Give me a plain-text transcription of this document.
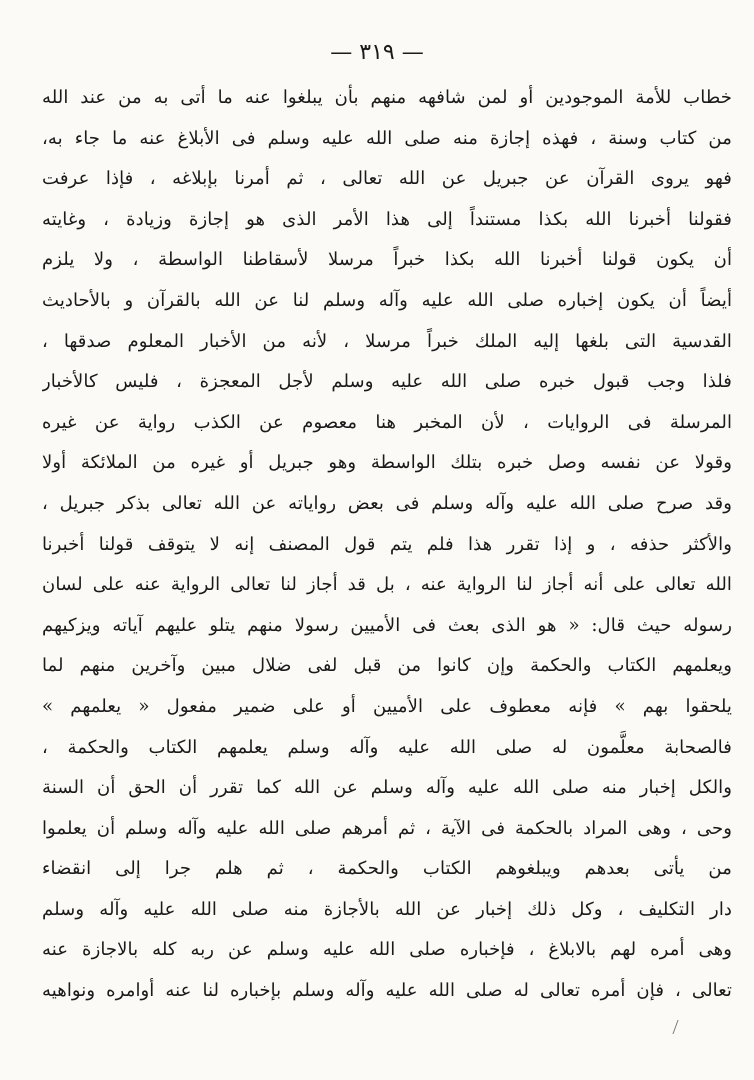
— ٣١٩ —
خطاب للأمة الموجودين أو لمن شافهه منهم بأن يبلغوا عنه ما أتى به من عند الله
من كتاب وسنة ، فهذه إجازة منه صلى الله عليه وسلم فى الأبلاغ عنه ما جاء به،
فهو يروى القرآن عن جبريل عن الله تعالى ، ثم أمرنا بإبلاغه ، فإذا عرفت
فقولنا أخبرنا الله بكذا مستنداً إلى هذا الأمر الذى هو إجازة وزيادة ، وغايته
أن يكون قولنا أخبرنا الله بكذا خبراً مرسلا لأسقاطنا الواسطة ، ولا يلزم
أيضاً أن يكون إخباره صلى الله عليه وآله وسلم لنا عن الله بالقرآن و بالأحاديث
القدسية التى بلغها إليه الملك خبراً مرسلا ، لأنه من الأخبار المعلوم صدقها ،
فلذا وجب قبول خبره صلى الله عليه وسلم لأجل المعجزة ، فليس كالأخبار
المرسلة فى الروايات ، لأن المخبر هنا معصوم عن الكذب رواية عن غيره
وقولا عن نفسه وصل خبره بتلك الواسطة وهو جبريل أو غيره من الملائكة أولا
وقد صرح صلى الله عليه وآله وسلم فى بعض رواياته عن الله تعالى بذكر جبريل ،
والأكثر حذفه ، و إذا تقرر هذا فلم يتم قول المصنف إنه لا يتوقف قولنا أخبرنا
الله تعالى على أنه أجاز لنا الرواية عنه ، بل قد أجاز لنا تعالى الرواية عنه على لسان
رسوله حيث قال: « هو الذى بعث فى الأميين رسولا منهم يتلو عليهم آياته ويزكيهم
ويعلمهم الكتاب والحكمة وإن كانوا من قبل لفى ضلال مبين وآخرين منهم لما
يلحقوا بهم » فإنه معطوف على الأميين أو على ضمير مفعول « يعلمهم »
فالصحابة معلَّمون له صلى الله عليه وآله وسلم يعلمهم الكتاب والحكمة ،
والكل إخبار منه صلى الله عليه وآله وسلم عن الله كما تقرر أن الحق أن السنة
وحى ، وهى المراد بالحكمة فى الآية ، ثم أمرهم صلى الله عليه وآله وسلم أن يعلموا
من يأتى بعدهم ويبلغوهم الكتاب والحكمة ، ثم هلم جرا إلى انقضاء
دار التكليف ، وكل ذلك إخبار عن الله بالأجازة منه صلى الله عليه وآله وسلم
وهى أمره لهم بالابلاغ ، فإخباره صلى الله عليه وسلم عن ربه كله بالاجازة عنه
تعالى ، فإن أمره تعالى له صلى الله عليه وآله وسلم بإخباره لنا عنه أوامره ونواهيه
